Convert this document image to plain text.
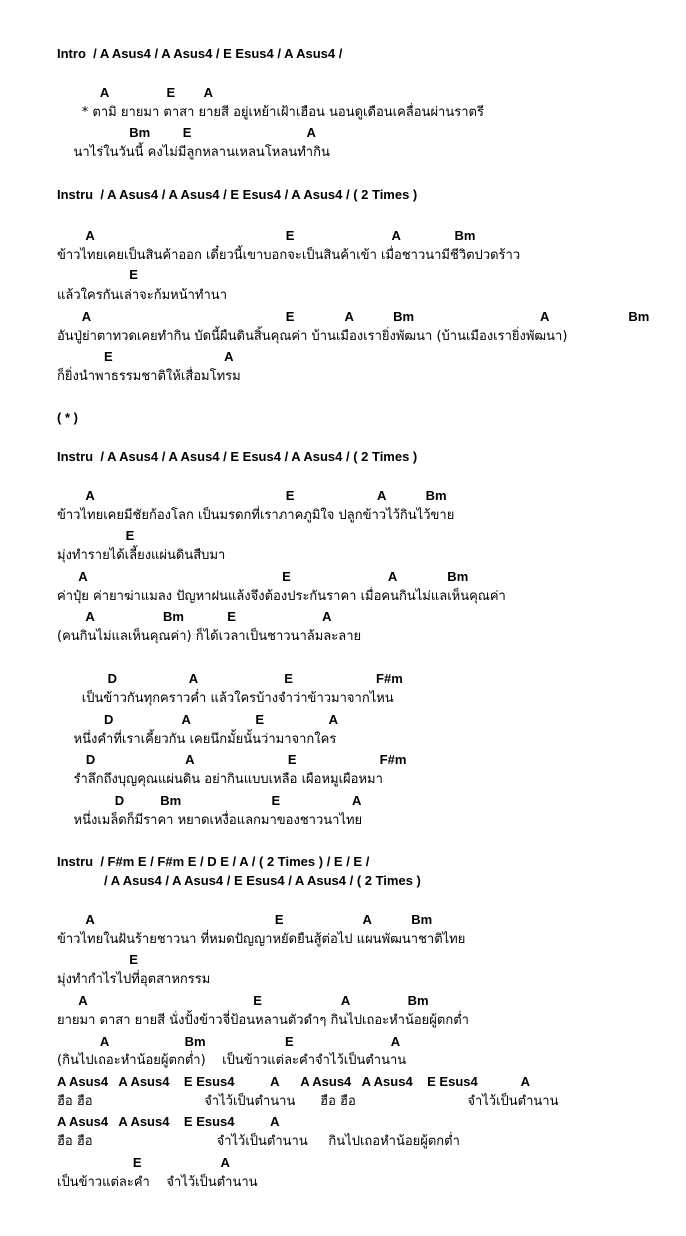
Intro  / A Asus4 / A Asus4 / E Esus4 / A Asus4 /
A                E        A
* ตามิ ยายมา ตาสา ยายสี อยู่เหย้าเฝ้าเฮือน นอนดูเดือนเคลื่อนผ่านราตรี
Bm         E                                A
นาไร่ในวันนี้ คงไม่มีลูกหลานเหลนโหลนทำกิน
Instru  / A Asus4 / A Asus4 / E Esus4 / A Asus4 / ( 2 Times )
A                                                     E                           A               Bm
ข้าวไทยเคยเป็นสินค้าออก เดี๋ยวนี้เขาบอกจะเป็นสินค้าเข้า เมื่อชาวนามีชีวิตปวดร้าว
E
แล้วใครกันเล่าจะก้มหน้าทำนา
A                                                      E              A           Bm                                   A                      Bm
อันปู่ย่าตาทวดเคยทำกิน บัดนี้ผืนดินสิ้นคุณค่า บ้านเมืองเรายิ่งพัฒนา (บ้านเมืองเรายิ่งพัฒนา)
E                               A
ก็ยิ่งนำพาธรรมชาติให้เสื่อมโทรม
( * )
Instru  / A Asus4 / A Asus4 / E Esus4 / A Asus4 / ( 2 Times )
A                                                     E                       A           Bm
ข้าวไทยเคยมีชัยก้องโลก เป็นมรดกที่เราภาคภูมิใจ ปลูกข้าวไว้กินไว้ขาย
E
มุ่งทำรายได้เลี้ยงแผ่นดินสืบมา
A                                                      E                           A              Bm
ค่าปุ๋ย ค่ายาฆ่าแมลง ปัญหาฝนแล้งจึงต้องประกันราคา เมื่อคนกินไม่แลเห็นคุณค่า
A                   Bm            E                        A
(คนกินไม่แลเห็นคุณค่า) ก็ได้เวลาเป็นชาวนาล้มละลาย
D                    A                        E                       F#m
เป็นข้าวกันทุกคราวค่ำ แล้วใครบ้างจำว่าข้าวมาจากไหน
D                   A                  E                  A
หนึ่งคำที่เราเคี้ยวกัน เคยนึกมั้ยนั้นว่ามาจากใคร
D                         A                          E                       F#m
รำลึกถึงบุญคุณแผ่นดิน อย่ากินแบบเหลือ เผือหมูเผือหมา
D          Bm                         E                    A
หนึ่งเมล็ดก็มีราคา หยาดเหงื่อแลกมาของชาวนาไทย
Instru  / F#m E / F#m E / D E / A / ( 2 Times ) / E / E /
/ A Asus4 / A Asus4 / E Esus4 / A Asus4 / ( 2 Times )
A                                                  E                      A           Bm
ข้าวไทยในฝันร้ายชาวนา ที่หมดปัญญาหยัดยืนสู้ต่อไป แผนพัฒนาชาติไทย
E
มุ่งทำกำไรไปที่อุตสาหกรรม
A                                              E                      A                Bm
ยายมา ตาสา ยายสี นั่งปั้งข้าวจี่ป้อนหลานตัวดำๆ กินไปเถอะหำน้อยผู้ตกต่ำ
A                     Bm                      E                           A
(กินไปเถอะหำน้อยผู้ตกต่ำ)    เป็นข้าวแต่ละคำจำไว้เป็นตำนาน
A Asus4   A Asus4    E Esus4          A      A Asus4   A Asus4    E Esus4            A
ฮือ ฮือ                           จำไว้เป็นตำนาน      ฮือ ฮือ                           จำไว้เป็นตำนาน
A Asus4   A Asus4    E Esus4          A
ฮือ ฮือ                              จำไว้เป็นตำนาน     กินไปเถอหำน้อยผู้ตกต่ำ
E                      A
เป็นข้าวแต่ละคำ    จำไว้เป็นตำนาน
